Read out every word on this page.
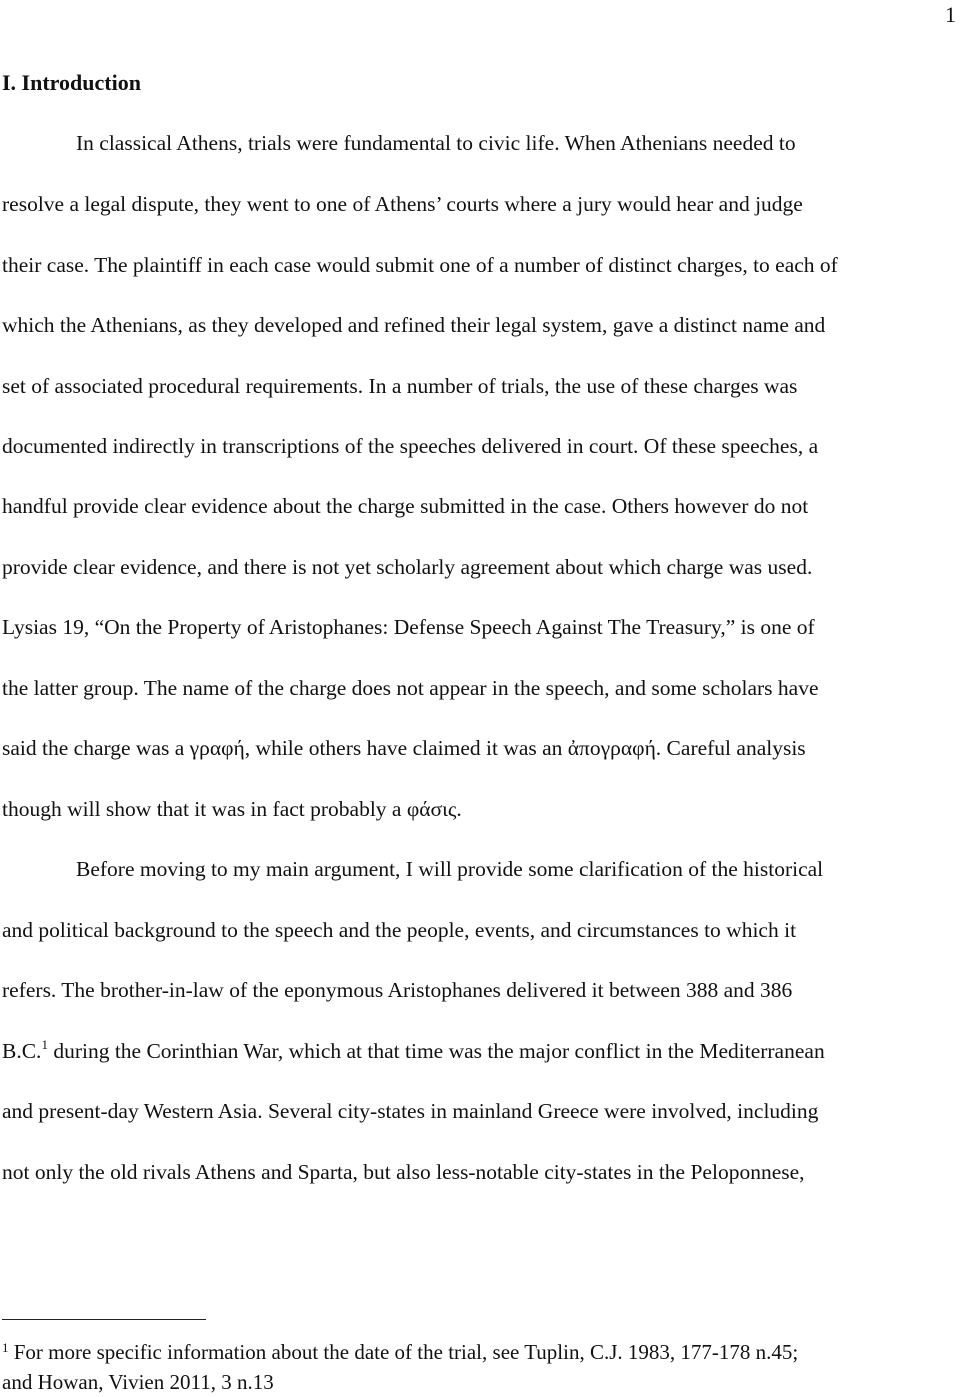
1
I. Introduction
In classical Athens, trials were fundamental to civic life. When Athenians needed to
resolve a legal dispute, they went to one of Athens’ courts where a jury would hear and judge
their case. The plaintiff in each case would submit one of a number of distinct charges, to each of
which the Athenians, as they developed and refined their legal system, gave a distinct name and
set of associated procedural requirements. In a number of trials, the use of these charges was
documented indirectly in transcriptions of the speeches delivered in court. Of these speeches, a
handful provide clear evidence about the charge submitted in the case. Others however do not
provide clear evidence, and there is not yet scholarly agreement about which charge was used.
Lysias 19, “On the Property of Aristophanes: Defense Speech Against The Treasury,” is one of
the latter group. The name of the charge does not appear in the speech, and some scholars have
said the charge was a γραφή, while others have claimed it was an ἀπογραφή. Careful analysis
though will show that it was in fact probably a φάσις.
Before moving to my main argument, I will provide some clarification of the historical
and political background to the speech and the people, events, and circumstances to which it
refers. The brother-in-law of the eponymous Aristophanes delivered it between 388 and 386
B.C.$^1$ during the Corinthian War, which at that time was the major conflict in the Mediterranean
and present-day Western Asia. Several city-states in mainland Greece were involved, including
not only the old rivals Athens and Sparta, but also less-notable city-states in the Peloponnese,
$^1$ For more specific information about the date of the trial, see Tuplin, C.J. 1983, 177-178 n.45;
and Howan, Vivien 2011, 3 n.13
